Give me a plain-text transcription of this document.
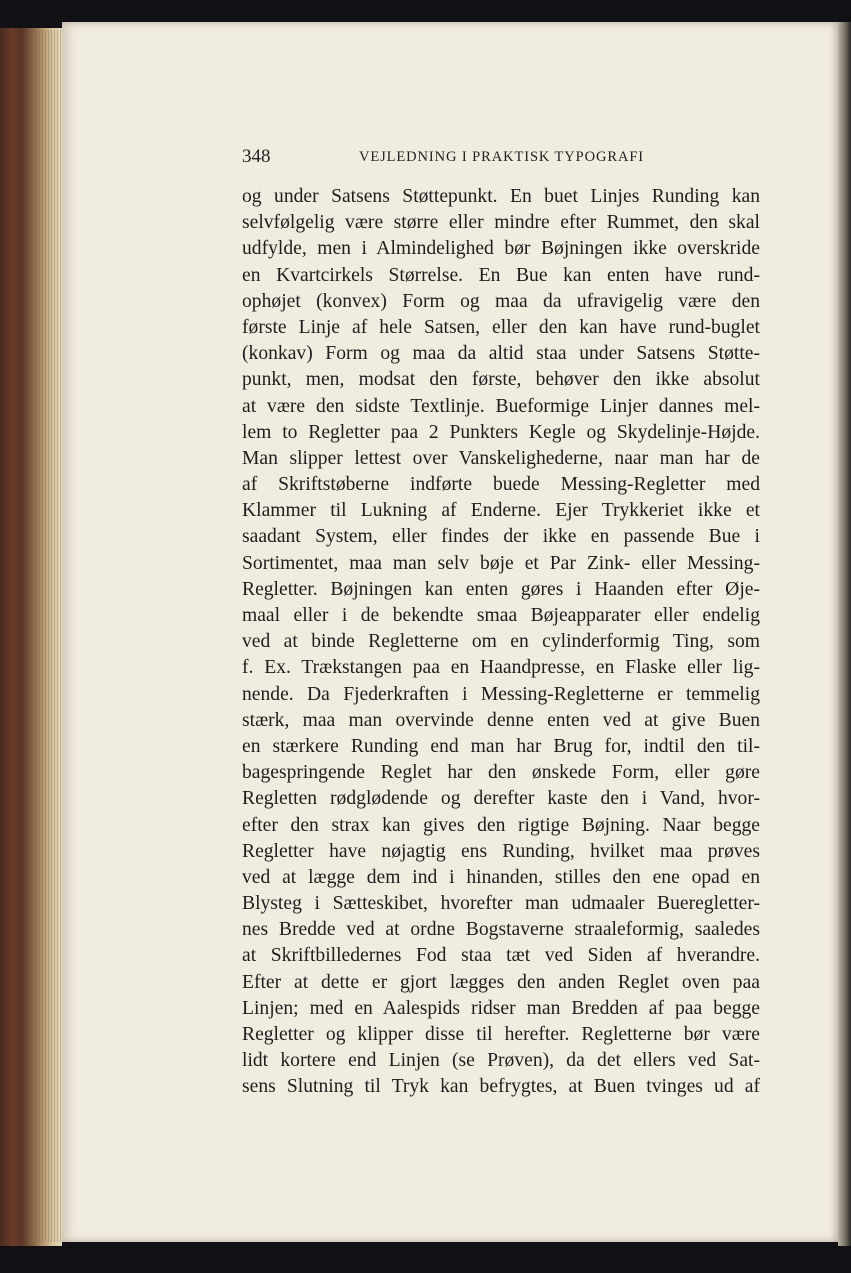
348	VEJLEDNING I PRAKTISK TYPOGRAFI
og under Satsens Støttepunkt. En buet Linjes Runding kan
selvfølgelig være større eller mindre efter Rummet, den skal
udfylde, men i Almindelighed bør Bøjningen ikke overskride
en Kvartcirkels Størrelse. En Bue kan enten have rund-
ophøjet (konvex) Form og maa da ufravigelig være den
første Linje af hele Satsen, eller den kan have rund-buglet
(konkav) Form og maa da altid staa under Satsens Støtte-
punkt, men, modsat den første, behøver den ikke absolut
at være den sidste Textlinje. Bueformige Linjer dannes mel-
lem to Regletter paa 2 Punkters Kegle og Skydelinje-Højde.
Man slipper lettest over Vanskelighederne, naar man har de
af Skriftstøberne indførte buede Messing-Regletter med
Klammer til Lukning af Enderne. Ejer Trykkeriet ikke et
saadant System, eller findes der ikke en passende Bue i
Sortimentet, maa man selv bøje et Par Zink- eller Messing-
Regletter. Bøjningen kan enten gøres i Haanden efter Øje-
maal eller i de bekendte smaa Bøjeapparater eller endelig
ved at binde Regletterne om en cylinderformig Ting, som
f. Ex. Trækstangen paa en Haandpresse, en Flaske eller lig-
nende. Da Fjederkraften i Messing-Regletterne er temmelig
stærk, maa man overvinde denne enten ved at give Buen
en stærkere Runding end man har Brug for, indtil den til-
bagespringende Reglet har den ønskede Form, eller gøre
Regletten rødglødende og derefter kaste den i Vand, hvor-
efter den strax kan gives den rigtige Bøjning. Naar begge
Regletter have nøjagtig ens Runding, hvilket maa prøves
ved at lægge dem ind i hinanden, stilles den ene opad en
Blysteg i Sætteskibet, hvorefter man udmaaler Bueregletter-
nes Bredde ved at ordne Bogstaverne straaleformig, saaledes
at Skriftbilledernes Fod staa tæt ved Siden af hverandre.
Efter at dette er gjort lægges den anden Reglet oven paa
Linjen; med en Aalespids ridser man Bredden af paa begge
Regletter og klipper disse til herefter. Regletterne bør være
lidt kortere end Linjen (se Prøven), da det ellers ved Sat-
sens Slutning til Tryk kan befrygtes, at Buen tvinges ud af
